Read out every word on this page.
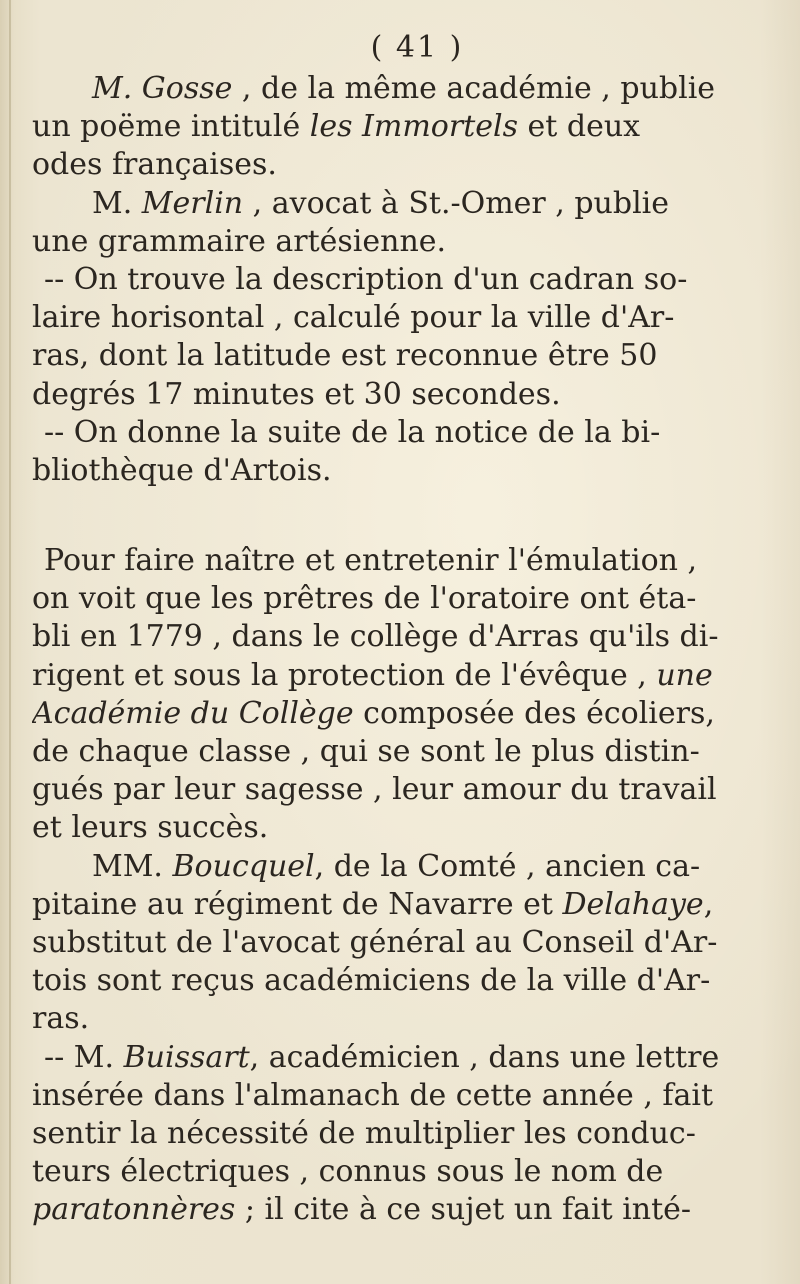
( 41 )
M. Gosse , de la même académie , publie
un poëme intitulé les Immortels et deux
odes françaises.
M. Merlin , avocat à St.-Omer , publie
une grammaire artésienne.
-- On trouve la description d'un cadran so-
laire horisontal , calculé pour la ville d'Ar-
ras, dont la latitude est reconnue être 50
degrés 17 minutes et 30 secondes.
-- On donne la suite de la notice de la bi-
bliothèque d'Artois.
Pour faire naître et entretenir l'émulation ,
on voit que les prêtres de l'oratoire ont éta-
bli en 1779 , dans le collège d'Arras qu'ils di-
rigent et sous la protection de l'évêque , une
Académie du Collège composée des écoliers,
de chaque classe , qui se sont le plus distin-
gués par leur sagesse , leur amour du travail
et leurs succès.
MM. Boucquel, de la Comté , ancien ca-
pitaine au régiment de Navarre et Delahaye,
substitut de l'avocat général au Conseil d'Ar-
tois sont reçus académiciens de la ville d'Ar-
ras.
-- M. Buissart, académicien , dans une lettre
insérée dans l'almanach de cette année , fait
sentir la nécessité de multiplier les conduc-
teurs électriques , connus sous le nom de
paratonnères ; il cite à ce sujet un fait inté-
